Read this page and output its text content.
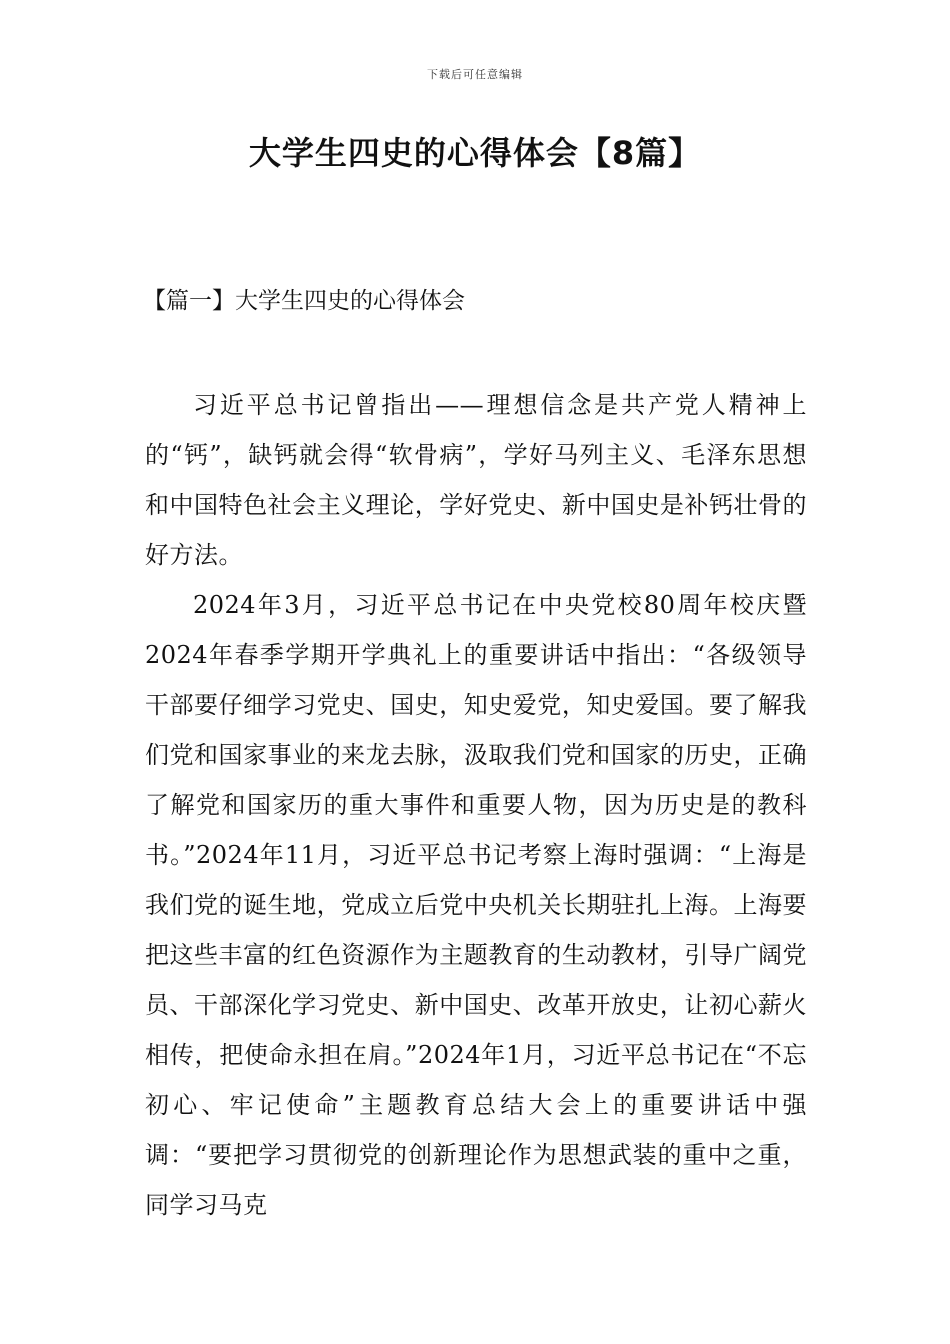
下载后可任意编辑
大学生四史的心得体会【8篇】
【篇一】大学生四史的心得体会

习近平总书记曾指出——理想信念是共产党人精神上的“钙”，缺钙就会得“软骨病”，学好马列主义、毛泽东思想和中国特色社会主义理论，学好党史、新中国史是补钙壮骨的好方法。

2024年3月，习近平总书记在中央党校80周年校庆暨2024年春季学期开学典礼上的重要讲话中指出：“各级领导干部要仔细学习党史、国史，知史爱党，知史爱国。要了解我们党和国家事业的来龙去脉，汲取我们党和国家的历史，正确了解党和国家历的重大事件和重要人物，因为历史是的教科书。”2024年11月，习近平总书记考察上海时强调：“上海是我们党的诞生地，党成立后党中央机关长期驻扎上海。上海要把这些丰富的红色资源作为主题教育的生动教材，引导广阔党员、干部深化学习党史、新中国史、改革开放史，让初心薪火相传，把使命永担在肩。”2024年1月，习近平总书记在“不忘初心、牢记使命”主题教育总结大会上的重要讲话中强调：“要把学习贯彻党的创新理论作为思想武装的重中之重，同学习马克
